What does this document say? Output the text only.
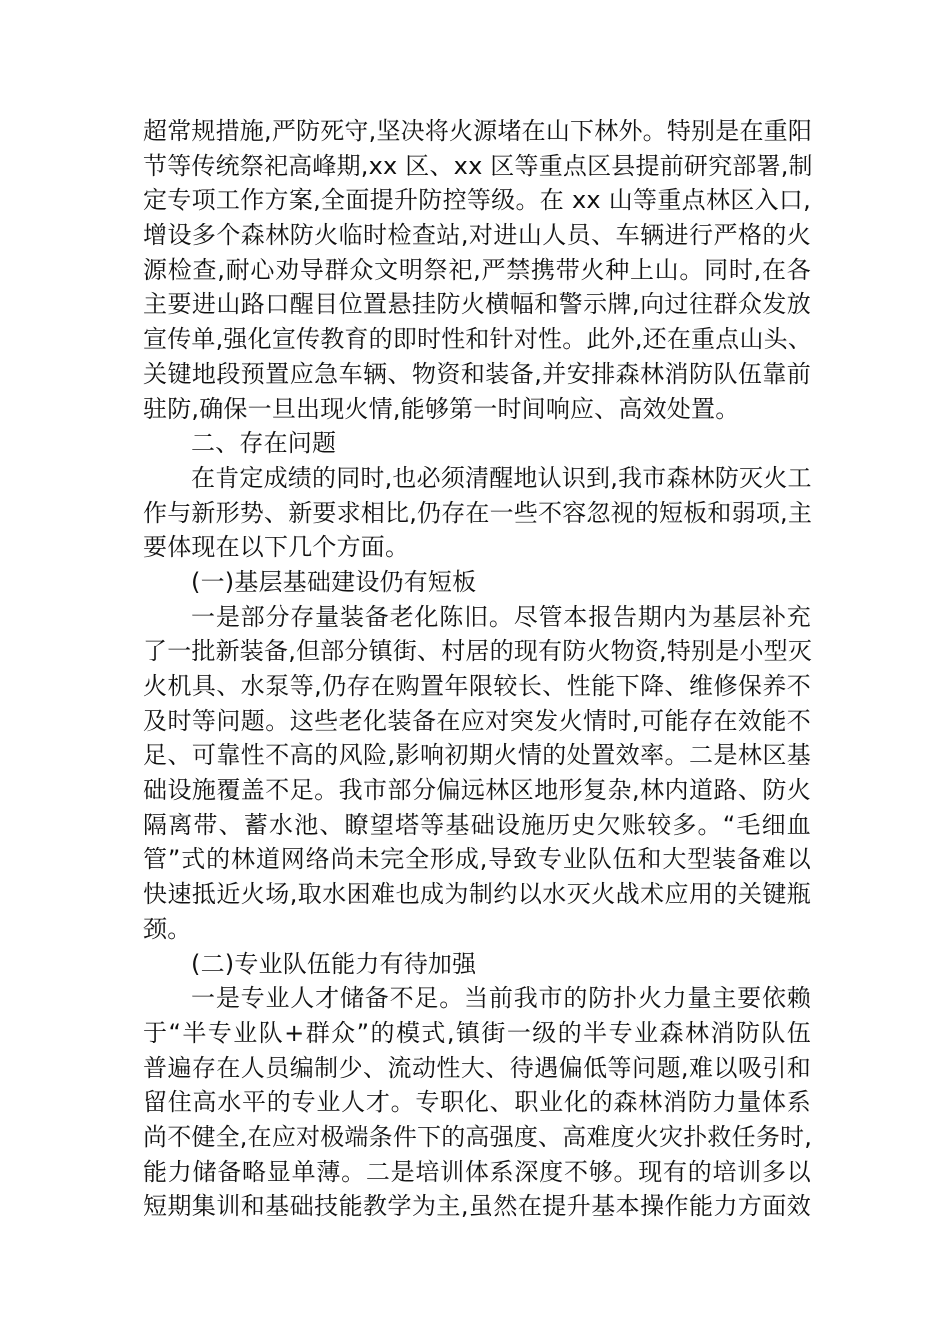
超常规措施,严防死守,坚决将火源堵在山下林外。特别是在重阳
节等传统祭祀高峰期,xx 区、xx 区等重点区县提前研究部署,制
定专项工作方案,全面提升防控等级。在 xx 山等重点林区入口,
增设多个森林防火临时检查站,对进山人员、车辆进行严格的火
源检查,耐心劝导群众文明祭祀,严禁携带火种上山。同时,在各
主要进山路口醒目位置悬挂防火横幅和警示牌,向过往群众发放
宣传单,强化宣传教育的即时性和针对性。此外,还在重点山头、
关键地段预置应急车辆、物资和装备,并安排森林消防队伍靠前
驻防,确保一旦出现火情,能够第一时间响应、高效处置。
二、存在问题
在肯定成绩的同时,也必须清醒地认识到,我市森林防灭火工
作与新形势、新要求相比,仍存在一些不容忽视的短板和弱项,主
要体现在以下几个方面。
(一)基层基础建设仍有短板
一是部分存量装备老化陈旧。尽管本报告期内为基层补充
了一批新装备,但部分镇街、村居的现有防火物资,特别是小型灭
火机具、水泵等,仍存在购置年限较长、性能下降、维修保养不
及时等问题。这些老化装备在应对突发火情时,可能存在效能不
足、可靠性不高的风险,影响初期火情的处置效率。二是林区基
础设施覆盖不足。我市部分偏远林区地形复杂,林内道路、防火
隔离带、蓄水池、瞭望塔等基础设施历史欠账较多。“毛细血
管”式的林道网络尚未完全形成,导致专业队伍和大型装备难以
快速抵近火场,取水困难也成为制约以水灭火战术应用的关键瓶
颈。
(二)专业队伍能力有待加强
一是专业人才储备不足。当前我市的防扑火力量主要依赖
于“半专业队+群众”的模式,镇街一级的半专业森林消防队伍
普遍存在人员编制少、流动性大、待遇偏低等问题,难以吸引和
留住高水平的专业人才。专职化、职业化的森林消防力量体系
尚不健全,在应对极端条件下的高强度、高难度火灾扑救任务时,
能力储备略显单薄。二是培训体系深度不够。现有的培训多以
短期集训和基础技能教学为主,虽然在提升基本操作能力方面效
